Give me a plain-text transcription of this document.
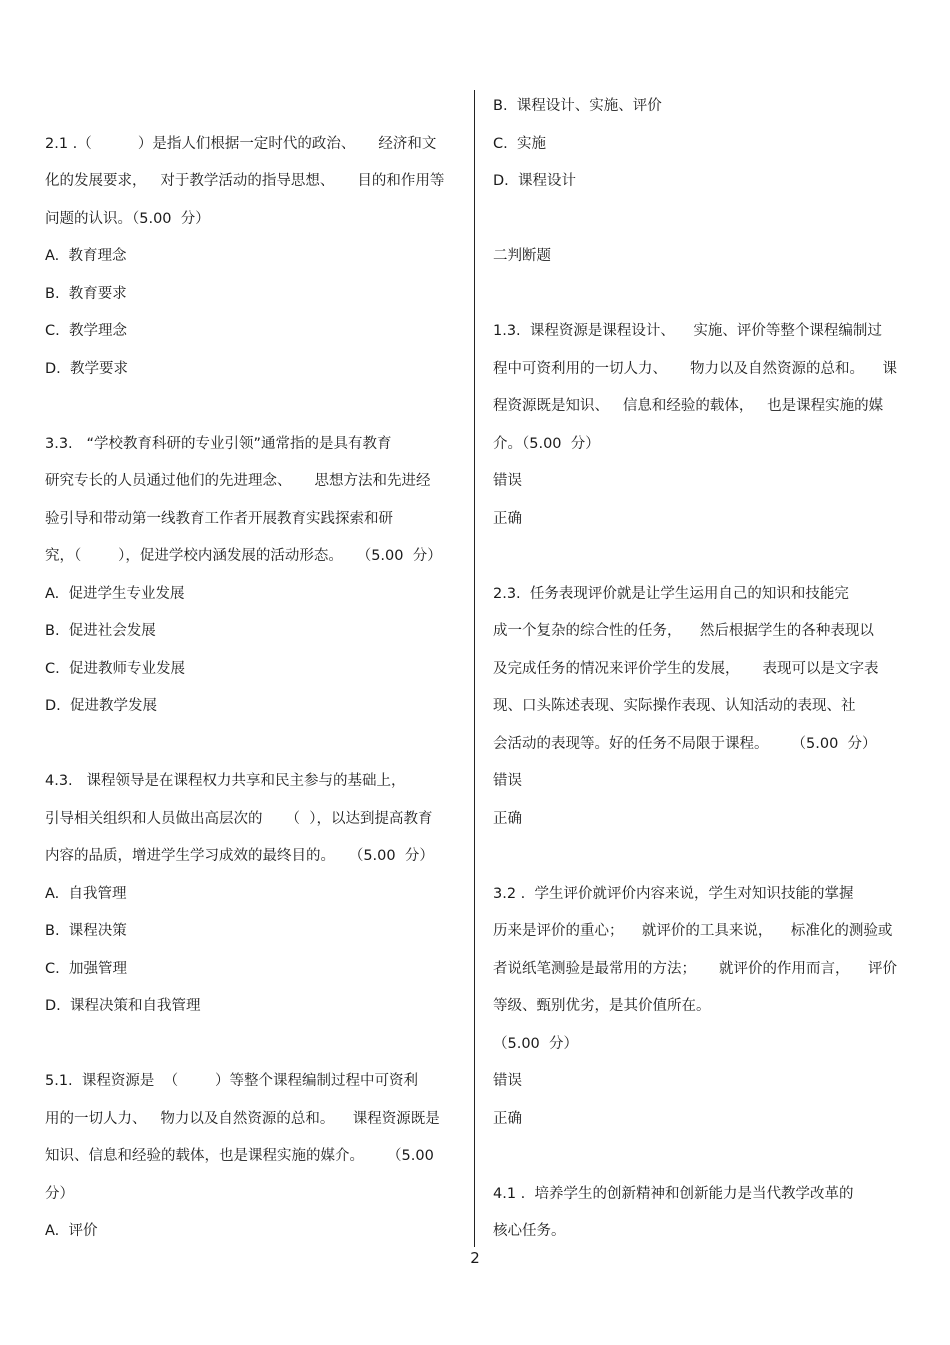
2.1 .（          ）是指人们根据一定时代的政治、     经济和文
化的发展要求，   对于教学活动的指导思想、     目的和作用等
问题的认识。（5.00  分）
A.  教育理念
B.  教育要求
C.  教学理念
D.  教学要求
3.3.   “学校教育科研的专业引领”通常指的是具有教育
研究专长的人员通过他们的先进理念、     思想方法和先进经
验引导和带动第一线教育工作者开展教育实践探索和研
究，（        ），促进学校内涵发展的活动形态。   （5.00  分）
A.  促进学生专业发展
B.  促进社会发展
C.  促进教师专业发展
D.  促进教学发展
4.3.   课程领导是在课程权力共享和民主参与的基础上，
引导相关组织和人员做出高层次的     （  ），以达到提高教育
内容的品质，增进学生学习成效的最终目的。   （5.00  分）
A.  自我管理
B.  课程决策
C.  加强管理
D.  课程决策和自我管理
5.1.  课程资源是  （        ）等整个课程编制过程中可资利
用的一切人力、   物力以及自然资源的总和。    课程资源既是
知识、信息和经验的载体，也是课程实施的媒介。     （5.00
分）
A.  评价
B.  课程设计、实施、评价
C.  实施
D.  课程设计
二判断题
1.3.  课程资源是课程设计、    实施、评价等整个课程编制过
程中可资利用的一切人力、     物力以及自然资源的总和。    课
程资源既是知识、   信息和经验的载体，   也是课程实施的媒
介。（5.00  分）
错误
正确
2.3.  任务表现评价就是让学生运用自己的知识和技能完
成一个复杂的综合性的任务，    然后根据学生的各种表现以
及完成任务的情况来评价学生的发展，     表现可以是文字表
现、口头陈述表现、实际操作表现、认知活动的表现、社
会活动的表现等。好的任务不局限于课程。     （5.00  分）
错误
正确
3.2 .  学生评价就评价内容来说，学生对知识技能的掌握
历来是评价的重心；    就评价的工具来说，    标准化的测验或
者说纸笔测验是最常用的方法；     就评价的作用而言，    评价
等级、甄别优劣，是其价值所在。
（5.00  分）
错误
正确
4.1 .  培养学生的创新精神和创新能力是当代教学改革的
核心任务。
2
